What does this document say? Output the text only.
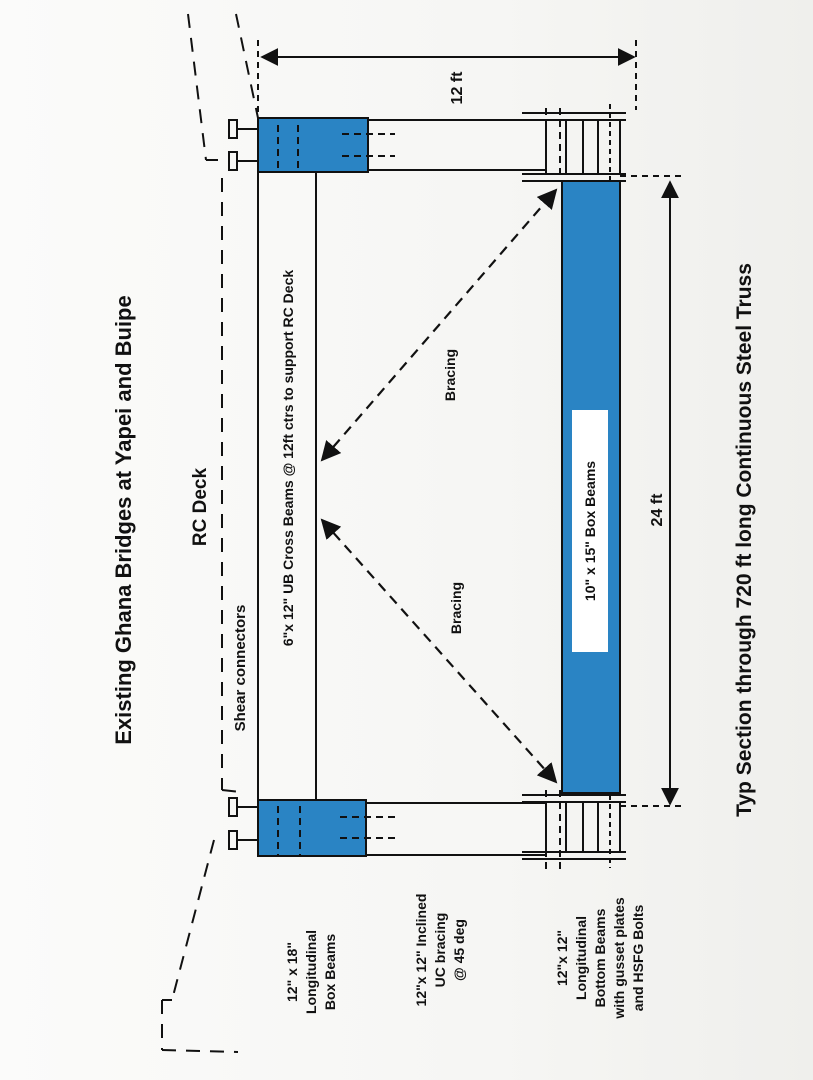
Existing Ghana Bridges at Yapei and Buipe	RC Deck
Shear connectors
6"x 12" UB Cross Beams @ 12ft ctrs to support RC Deck	Bracing
Bracing
10" x 15" Box Beams
12 ft
24 ft	Typ Section through 720 ft long Continuous Steel Truss
12" x 18" Longitudinal Box Beams	12"x 12" Inclined UC bracing @ 45 deg	12"x 12" Longitudinal Bottom Beams with gusset plates and HSFG Bolts
